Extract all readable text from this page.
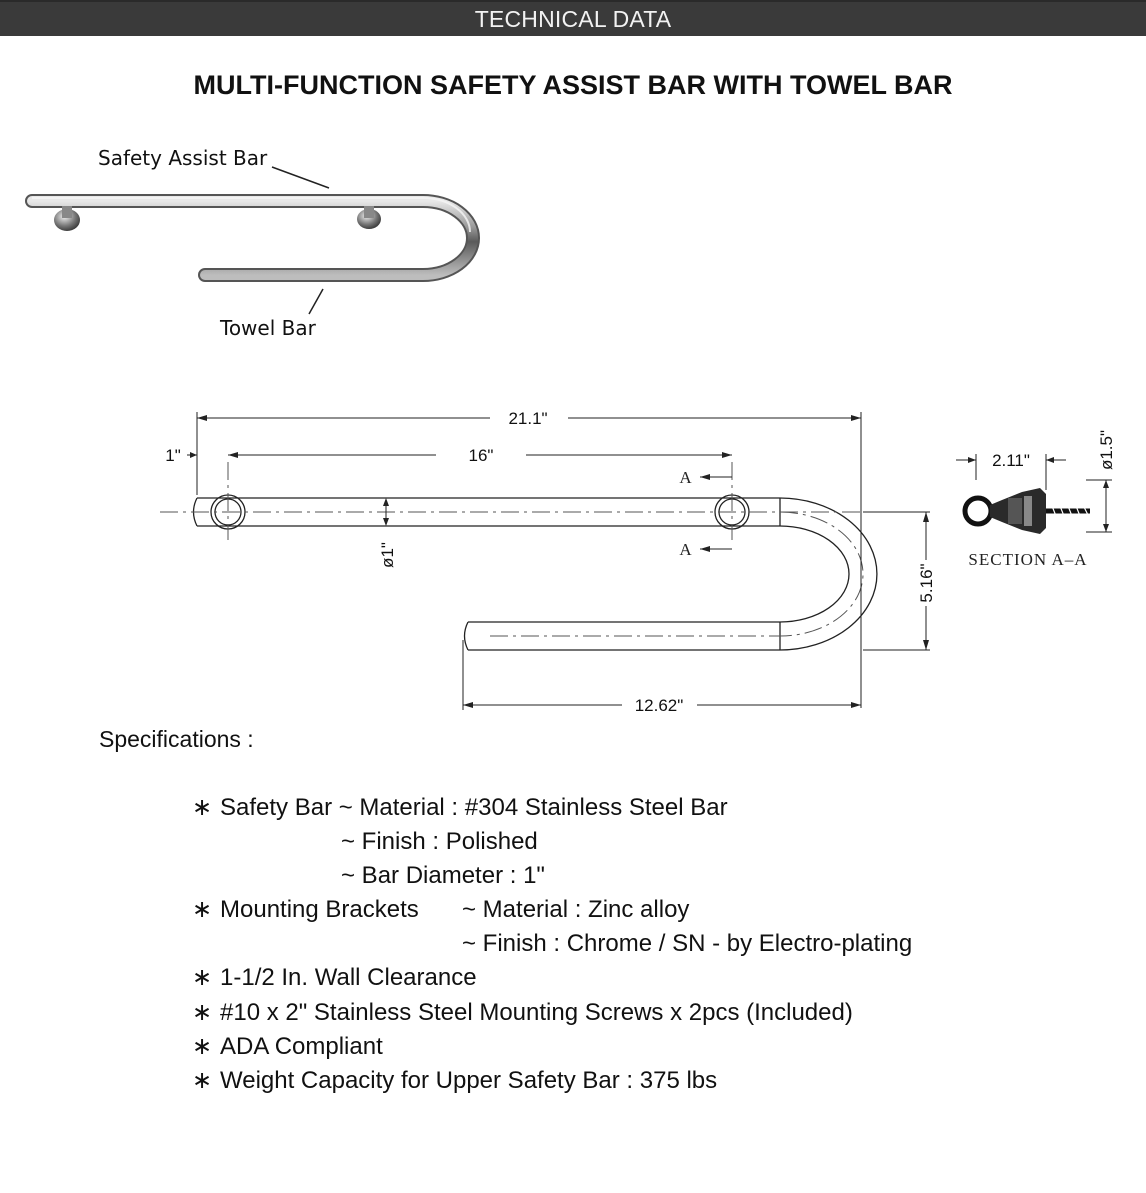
TECHNICAL DATA
MULTI-FUNCTION SAFETY ASSIST BAR WITH TOWEL BAR
21.1"
16"
1"
12.62"
5.16"
ø1"
A
A
2.11"	ø1.5"
SECTION A–A
Safety Assist Bar
Towel Bar
Specifications :
∗ Safety Bar ~ Material : #304 Stainless Steel Bar
~ Finish : Polished
~ Bar Diameter : 1"
∗ Mounting Brackets ~ Material : Zinc alloy
~ Finish : Chrome / SN - by Electro-plating
∗ 1-1/2 In. Wall Clearance
∗ #10 x 2" Stainless Steel Mounting Screws x 2pcs (Included)
∗ ADA Compliant
∗ Weight Capacity for Upper Safety Bar : 375 lbs
